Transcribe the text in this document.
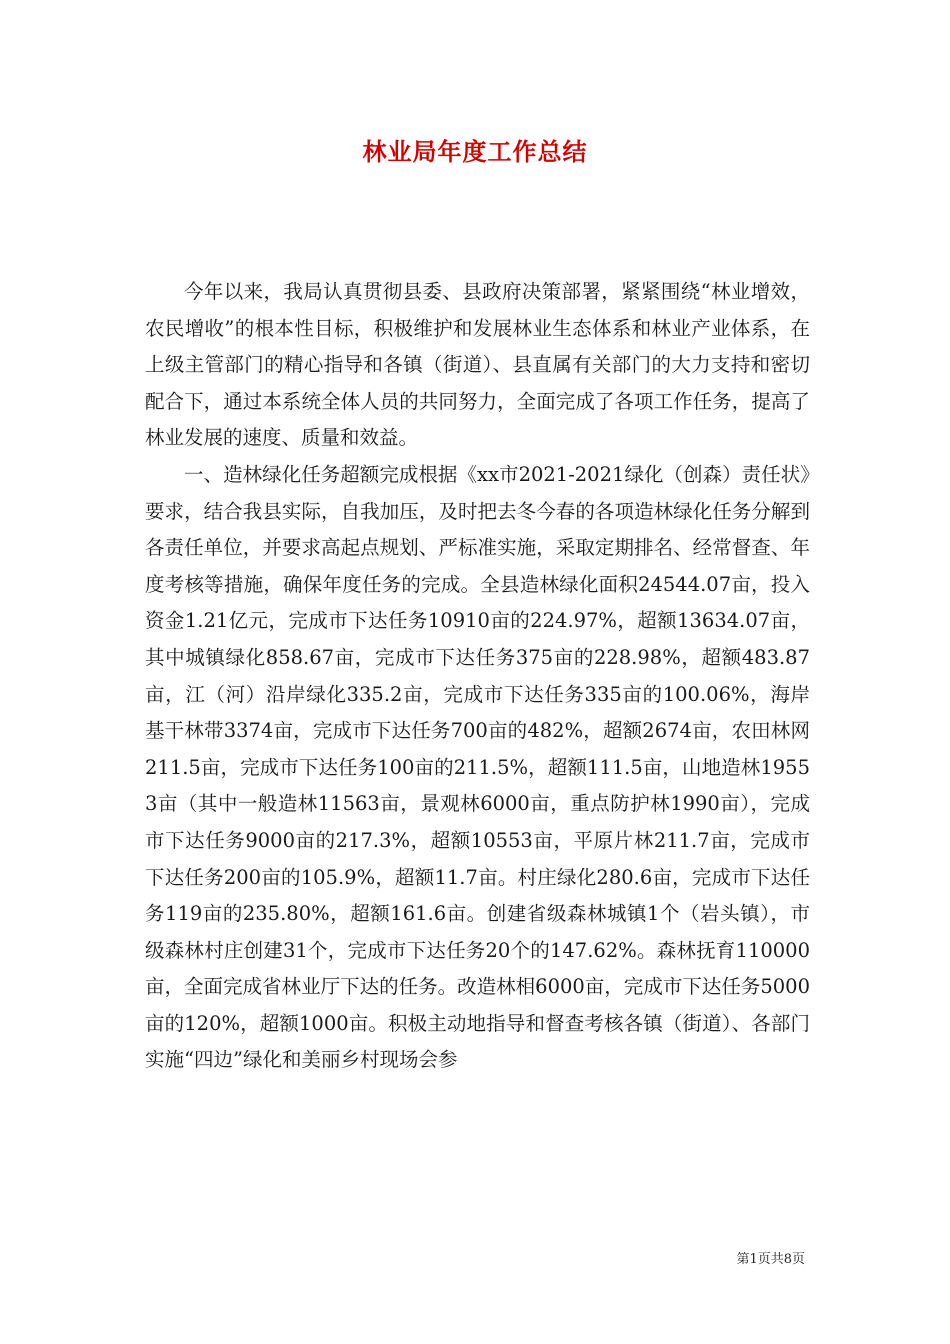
林业局年度工作总结

今年以来，我局认真贯彻县委、县政府决策部署，紧紧围绕“林业增效，农民增收”的根本性目标，积极维护和发展林业生态体系和林业产业体系，在上级主管部门的精心指导和各镇（街道）、县直属有关部门的大力支持和密切配合下，通过本系统全体人员的共同努力，全面完成了各项工作任务，提高了林业发展的速度、质量和效益。

一、造林绿化任务超额完成根据《xx市2021-2021绿化（创森）责任状》要求，结合我县实际，自我加压，及时把去冬今春的各项造林绿化任务分解到各责任单位，并要求高起点规划、严标准实施，采取定期排名、经常督查、年度考核等措施，确保年度任务的完成。全县造林绿化面积24544.07亩，投入资金1.21亿元，完成市下达任务10910亩的224.97%，超额13634.07亩，其中城镇绿化858.67亩，完成市下达任务375亩的228.98%，超额483.87亩，江（河）沿岸绿化335.2亩，完成市下达任务335亩的100.06%，海岸基干林带3374亩，完成市下达任务700亩的482%，超额2674亩，农田林网211.5亩，完成市下达任务100亩的211.5%，超额111.5亩，山地造林19553亩（其中一般造林11563亩，景观林6000亩，重点防护林1990亩），完成市下达任务9000亩的217.3%，超额10553亩，平原片林211.7亩，完成市下达任务200亩的105.9%，超额11.7亩。村庄绿化280.6亩，完成市下达任务119亩的235.80%，超额161.6亩。创建省级森林城镇1个（岩头镇），市级森林村庄创建31个，完成市下达任务20个的147.62%。森林抚育110000亩，全面完成省林业厅下达的任务。改造林相6000亩，完成市下达任务5000亩的120%，超额1000亩。积极主动地指导和督查考核各镇（街道）、各部门实施“四边”绿化和美丽乡村现场会参

第1页共8页
